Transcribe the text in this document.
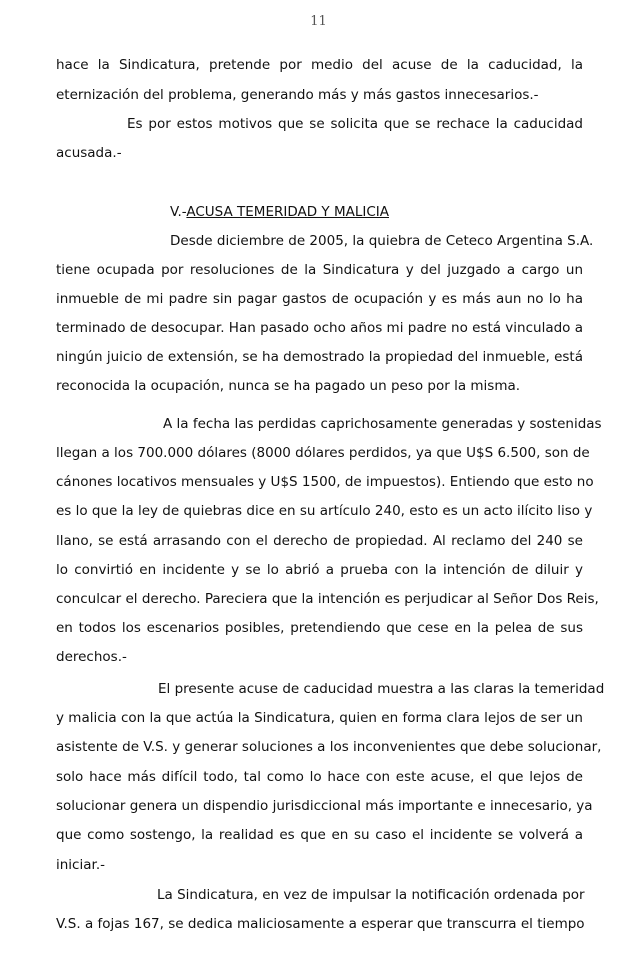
11
hace la Sindicatura, pretende por medio del acuse de la caducidad, la
eternización del problema, generando más y más gastos innecesarios.-
Es por estos motivos que se solicita que se rechace la caducidad
acusada.-
V.-ACUSA TEMERIDAD Y MALICIA
Desde diciembre de 2005, la quiebra de Ceteco Argentina S.A.
tiene ocupada por resoluciones de la Sindicatura y del juzgado a cargo un
inmueble de mi padre sin pagar gastos de ocupación y es más aun no lo ha
terminado de desocupar. Han pasado ocho años mi padre no está vinculado a
ningún juicio de extensión, se ha demostrado la propiedad del inmueble, está
reconocida la ocupación, nunca se ha pagado un peso por la misma.
A la fecha las perdidas caprichosamente generadas y sostenidas
llegan a los 700.000 dólares (8000 dólares perdidos, ya que U$S 6.500, son de
cánones locativos mensuales y U$S 1500, de impuestos). Entiendo que esto no
es lo que la ley de quiebras dice en su artículo 240, esto es un acto ilícito liso y
llano, se está arrasando con el derecho de propiedad. Al reclamo del 240 se
lo convirtió en incidente y se lo abrió a prueba con la intención de diluir y
conculcar el derecho. Pareciera que la intención es perjudicar al Señor Dos Reis,
en todos los escenarios posibles, pretendiendo que cese en la pelea de sus
derechos.-
El presente acuse de caducidad muestra a las claras la temeridad
y malicia con la que actúa la Sindicatura, quien en forma clara lejos de ser un
asistente de V.S. y generar soluciones a los inconvenientes que debe solucionar,
solo hace más difícil todo, tal como lo hace con este acuse, el que lejos de
solucionar genera un dispendio jurisdiccional más importante e innecesario, ya
que como sostengo, la realidad es que en su caso el incidente se volverá a
iniciar.-
La Sindicatura, en vez de impulsar la notificación ordenada por
V.S. a fojas 167, se dedica maliciosamente a esperar que transcurra el tiempo
